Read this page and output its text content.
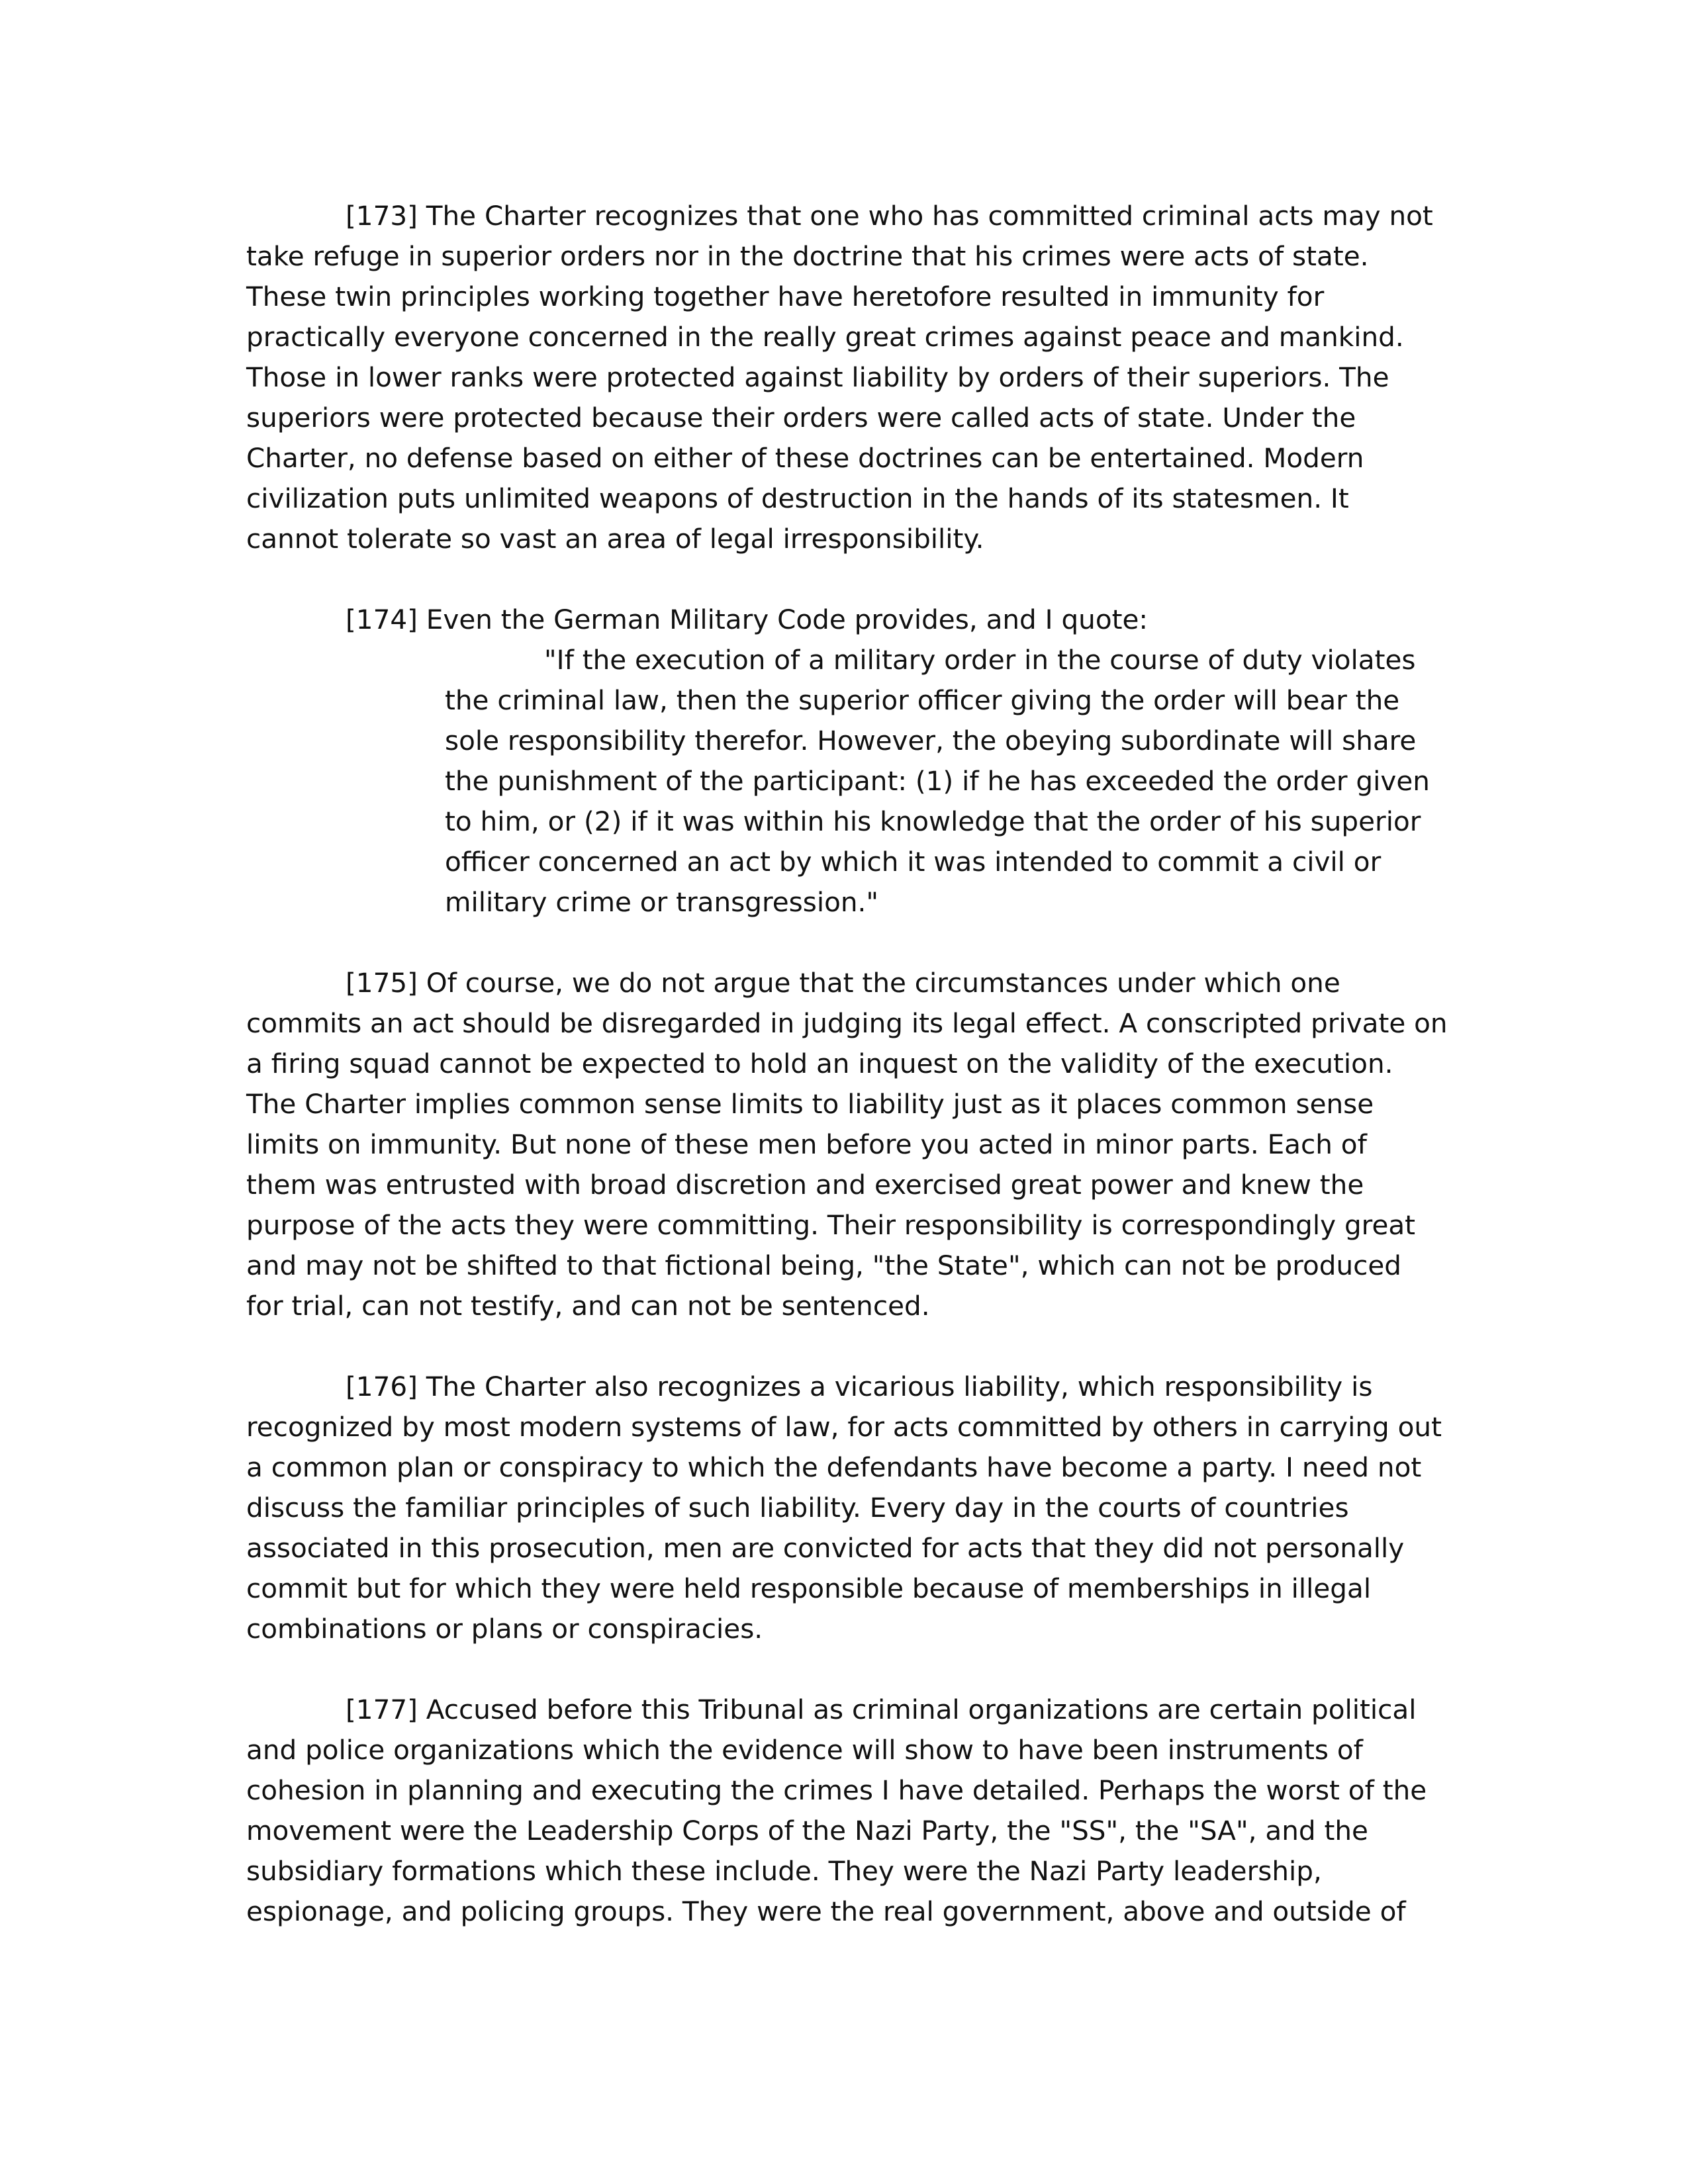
[173] The Charter recognizes that one who has committed criminal acts may not
take refuge in superior orders nor in the doctrine that his crimes were acts of state.
These twin principles working together have heretofore resulted in immunity for
practically everyone concerned in the really great crimes against peace and mankind.
Those in lower ranks were protected against liability by orders of their superiors. The
superiors were protected because their orders were called acts of state. Under the
Charter, no defense based on either of these doctrines can be entertained. Modern
civilization puts unlimited weapons of destruction in the hands of its statesmen. It
cannot tolerate so vast an area of legal irresponsibility.

[174] Even the German Military Code provides, and I quote:

"If the execution of a military order in the course of duty violates
the criminal law, then the superior officer giving the order will bear the
sole responsibility therefor. However, the obeying subordinate will share
the punishment of the participant: (1) if he has exceeded the order given
to him, or (2) if it was within his knowledge that the order of his superior
officer concerned an act by which it was intended to commit a civil or
military crime or transgression."

[175] Of course, we do not argue that the circumstances under which one
commits an act should be disregarded in judging its legal effect. A conscripted private on
a firing squad cannot be expected to hold an inquest on the validity of the execution.
The Charter implies common sense limits to liability just as it places common sense
limits on immunity. But none of these men before you acted in minor parts. Each of
them was entrusted with broad discretion and exercised great power and knew the
purpose of the acts they were committing. Their responsibility is correspondingly great
and may not be shifted to that fictional being, "the State", which can not be produced
for trial, can not testify, and can not be sentenced.

[176] The Charter also recognizes a vicarious liability, which responsibility is
recognized by most modern systems of law, for acts committed by others in carrying out
a common plan or conspiracy to which the defendants have become a party. I need not
discuss the familiar principles of such liability. Every day in the courts of countries
associated in this prosecution, men are convicted for acts that they did not personally
commit but for which they were held responsible because of memberships in illegal
combinations or plans or conspiracies.

[177] Accused before this Tribunal as criminal organizations are certain political
and police organizations which the evidence will show to have been instruments of
cohesion in planning and executing the crimes I have detailed. Perhaps the worst of the
movement were the Leadership Corps of the Nazi Party, the "SS", the "SA", and the
subsidiary formations which these include. They were the Nazi Party leadership,
espionage, and policing groups. They were the real government, above and outside of
